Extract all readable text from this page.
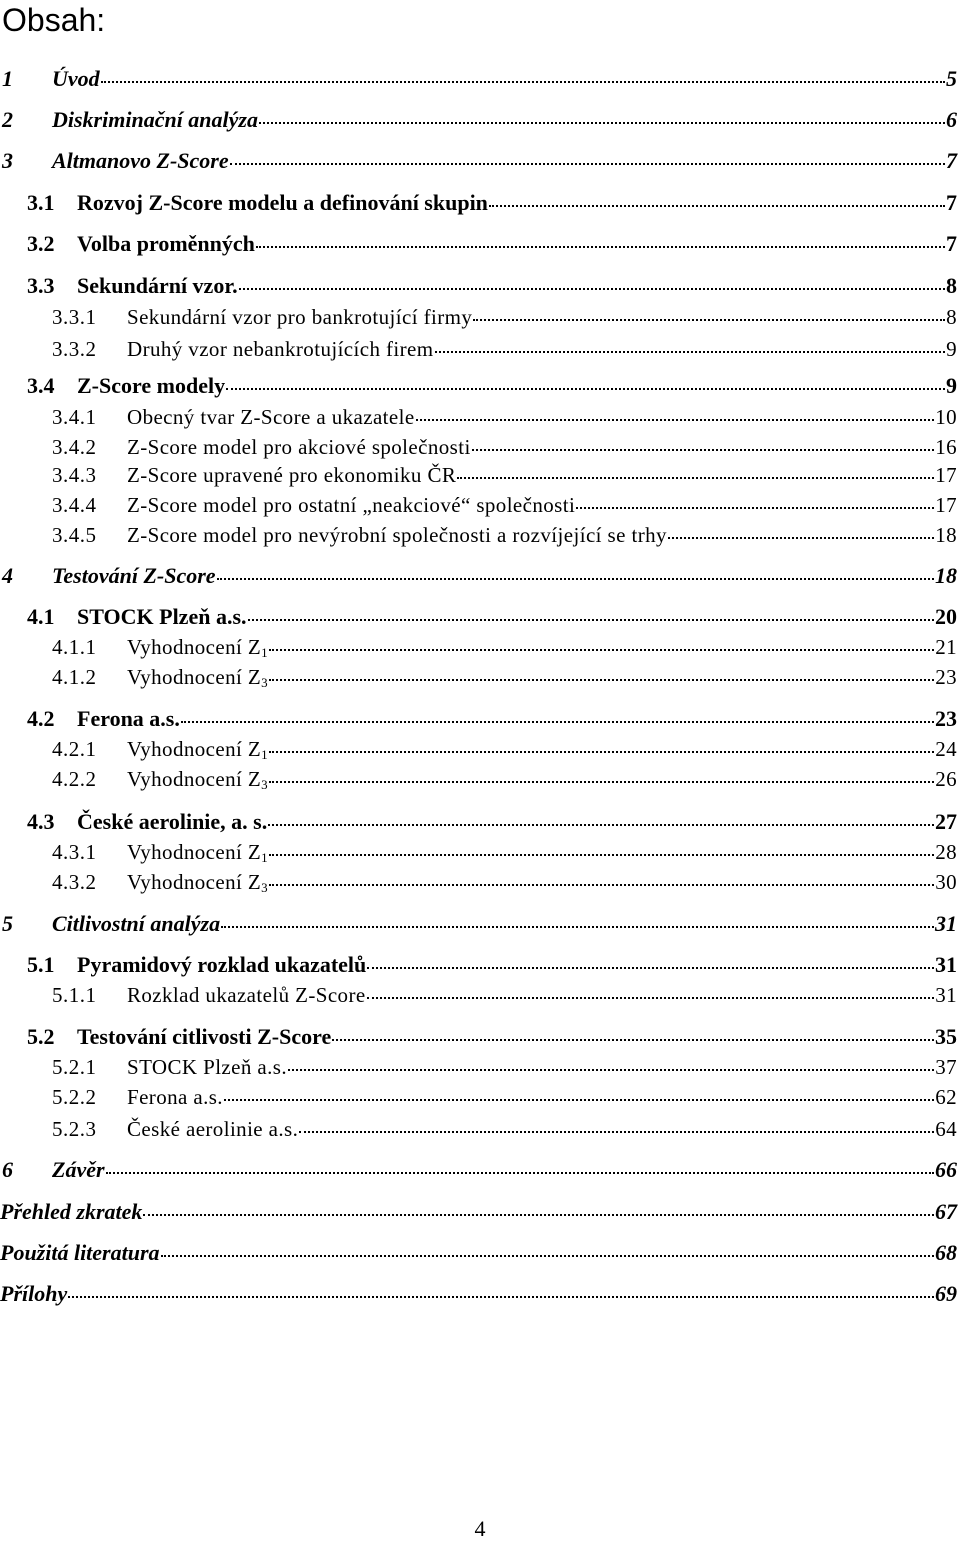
Obsah:
1	Úvod	5
2	Diskriminační analýza	6
3	Altmanovo Z-Score	7
3.1	Rozvoj Z-Score modelu a definování skupin	7
3.2	Volba proměnných	7
3.3	Sekundární vzor.	8
3.3.1	Sekundární vzor pro bankrotující firmy	8
3.3.2	Druhý vzor nebankrotujících firem	9
3.4	Z-Score modely	9
3.4.1	Obecný tvar Z-Score a ukazatele	10
3.4.2	Z-Score model pro akciové společnosti	16
3.4.3	Z-Score upravené pro ekonomiku ČR	17
3.4.4	Z-Score model pro ostatní „neakciové“ společnosti	17
3.4.5	Z-Score model pro nevýrobní společnosti a rozvíjející se trhy	18
4	Testování Z-Score	18
4.1	STOCK Plzeň a.s.	20
4.1.1	Vyhodnocení $Z_1$	21
4.1.2	Vyhodnocení $Z_3$	23
4.2	Ferona a.s.	23
4.2.1	Vyhodnocení $Z_1$	24
4.2.2	Vyhodnocení $Z_3$	26
4.3	České aerolinie, a. s.	27
4.3.1	Vyhodnocení $Z_1$	28
4.3.2	Vyhodnocení $Z_3$	30
5	Citlivostní analýza	31
5.1	Pyramidový rozklad ukazatelů	31
5.1.1	Rozklad ukazatelů Z-Score	31
5.2	Testování citlivosti Z-Score	35
5.2.1	STOCK Plzeň a.s.	37
5.2.2	Ferona a.s.	62
5.2.3	České aerolinie a.s.	64
6	Závěr	66
Přehled zkratek	67
Použitá literatura	68
Přílohy	69
4
